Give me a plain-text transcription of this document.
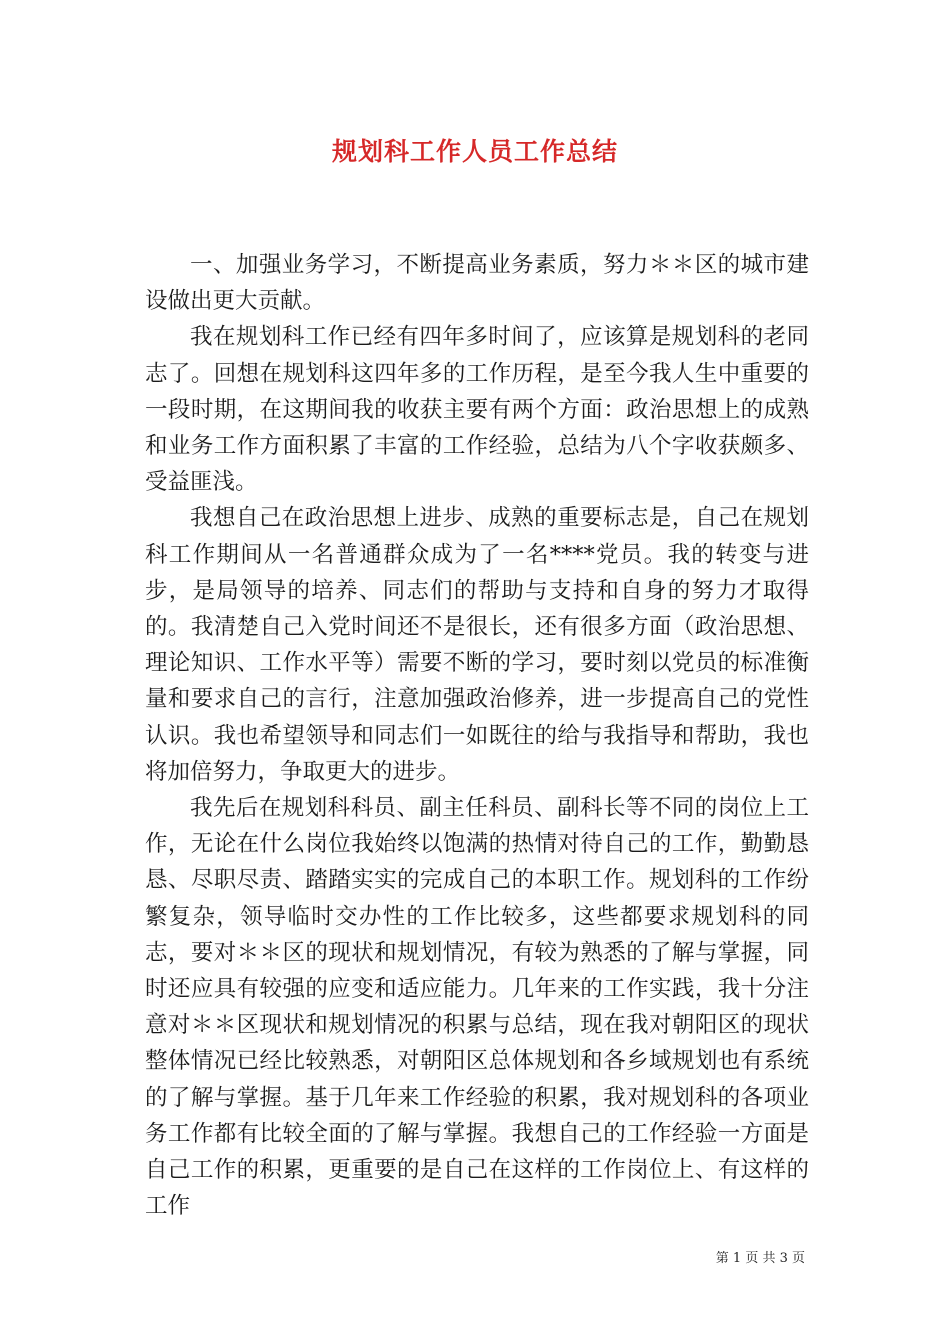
规划科工作人员工作总结

一、加强业务学习，不断提高业务素质，努力＊＊区的城市建设做出更大贡献。

我在规划科工作已经有四年多时间了，应该算是规划科的老同志了。回想在规划科这四年多的工作历程，是至今我人生中重要的一段时期，在这期间我的收获主要有两个方面：政治思想上的成熟和业务工作方面积累了丰富的工作经验，总结为八个字收获颇多、受益匪浅。

我想自己在政治思想上进步、成熟的重要标志是，自己在规划科工作期间从一名普通群众成为了一名****党员。我的转变与进步，是局领导的培养、同志们的帮助与支持和自身的努力才取得的。我清楚自己入党时间还不是很长，还有很多方面（政治思想、理论知识、工作水平等）需要不断的学习，要时刻以党员的标准衡量和要求自己的言行，注意加强政治修养，进一步提高自己的党性认识。我也希望领导和同志们一如既往的给与我指导和帮助，我也将加倍努力，争取更大的进步。

我先后在规划科科员、副主任科员、副科长等不同的岗位上工作，无论在什么岗位我始终以饱满的热情对待自己的工作，勤勤恳恳、尽职尽责、踏踏实实的完成自己的本职工作。规划科的工作纷繁复杂，领导临时交办性的工作比较多，这些都要求规划科的同志，要对＊＊区的现状和规划情况，有较为熟悉的了解与掌握，同时还应具有较强的应变和适应能力。几年来的工作实践，我十分注意对＊＊区现状和规划情况的积累与总结，现在我对朝阳区的现状整体情况已经比较熟悉，对朝阳区总体规划和各乡域规划也有系统的了解与掌握。基于几年来工作经验的积累，我对规划科的各项业务工作都有比较全面的了解与掌握。我想自己的工作经验一方面是自己工作的积累，更重要的是自己在这样的工作岗位上、有这样的工作

第 1 页 共 3 页
